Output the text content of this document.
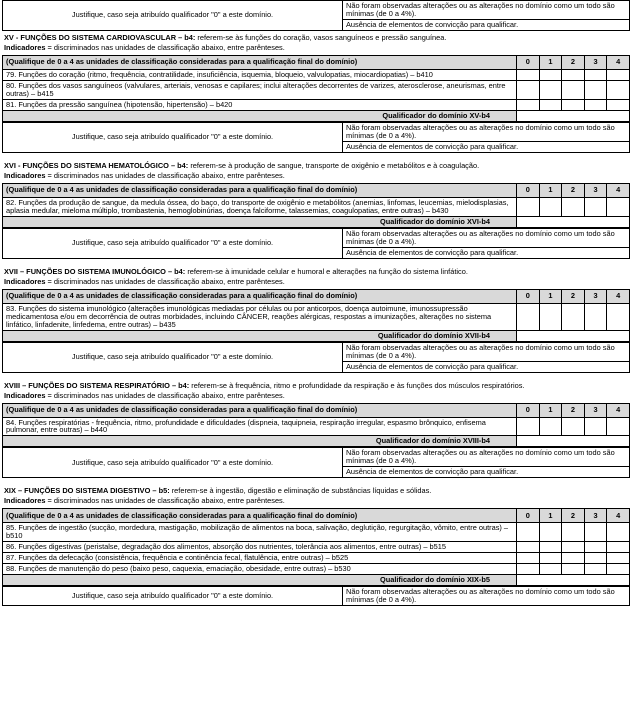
Justifique, caso seja atribuído qualificador "0" a este domínio.	Não foram observadas alterações ou as alterações no domínio como um todo são mínimas (de 0 a 4%).
Ausência de elementos de convicção para qualificar.
XV - FUNÇÕES DO SISTEMA CARDIOVASCULAR – b4: referem-se às funções do coração, vasos sanguíneos e pressão sanguínea.
Indicadores = discriminados nas unidades de classificação abaixo, entre parênteses.
(Qualifique de 0 a 4 as unidades de classificação consideradas para a qualificação final do domínio)	0	1	2	3	4
79. Funções do coração (ritmo, frequência, contratilidade, insuficiência, isquemia, bloqueio, valvulopatias, miocardiopatias) – b410					
80. Funções dos vasos sanguíneos (valvulares, arteriais, venosas e capilares; inclui alterações decorrentes de varizes, aterosclerose, aneurismas, entre outras) – b415					
81. Funções da pressão sanguínea (hipotensão, hipertensão) – b420					
Qualificador do domínio XV-b4					
Justifique, caso seja atribuído qualificador "0" a este domínio.	Não foram observadas alterações ou as alterações no domínio como um todo são mínimas (de 0 a 4%).
Ausência de elementos de convicção para qualificar.
XVI - FUNÇÕES DO SISTEMA HEMATOLÓGICO – b4: referem-se à produção de sangue, transporte de oxigênio e metabólitos e à coagulação.
Indicadores = discriminados nas unidades de classificação abaixo, entre parênteses.
(Qualifique de 0 a 4 as unidades de classificação consideradas para a qualificação final do domínio)	0	1	2	3	4
82. Funções da produção de sangue, da medula óssea, do baço, do transporte de oxigênio e metabólitos (anemias, linfomas, leucemias, mielodisplasias, aplasia medular, mieloma múltiplo, trombastenia, hemoglobinúrias, doença falciforme, talassemias, coagulopatias, entre outras) – b430					
Qualificador do domínio XVI-b4					
Justifique, caso seja atribuído qualificador "0" a este domínio.	Não foram observadas alterações ou as alterações no domínio como um todo são mínimas (de 0 a 4%).
Ausência de elementos de convicção para qualificar.
XVII – FUNÇÕES DO SISTEMA IMUNOLÓGICO – b4: referem-se à imunidade celular e humoral e alterações na função do sistema linfático.
Indicadores = discriminados nas unidades de classificação abaixo, entre parênteses.
(Qualifique de 0 a 4 as unidades de classificação consideradas para a qualificação final do domínio)	0	1	2	3	4
83. Funções do sistema imunológico (alterações imunológicas mediadas por células ou por anticorpos, doença autoimune, imunossupressão medicamentosa e/ou em decorrência de outras morbidades, incluindo CÂNCER, reações alérgicas, respostas a imunizações, alterações no sistema linfático, linfadenite, linfedema, entre outras) – b435					
Qualificador do domínio XVII-b4					
Justifique, caso seja atribuído qualificador "0" a este domínio.	Não foram observadas alterações ou as alterações no domínio como um todo são mínimas (de 0 a 4%).
Ausência de elementos de convicção para qualificar.
XVIII – FUNÇÕES DO SISTEMA RESPIRATÓRIO – b4: referem-se à frequência, ritmo e profundidade da respiração e às funções dos músculos respiratórios.
Indicadores = discriminados nas unidades de classificação abaixo, entre parênteses.
(Qualifique de 0 a 4 as unidades de classificação consideradas para a qualificação final do domínio)	0	1	2	3	4
84. Funções respiratórias - frequência, ritmo, profundidade e dificuldades (dispneia, taquipneia, respiração irregular, espasmo brônquico, enfisema pulmonar, entre outras) – b440					
Qualificador do domínio XVIII-b4					
Justifique, caso seja atribuído qualificador "0" a este domínio.	Não foram observadas alterações ou as alterações no domínio como um todo são mínimas (de 0 a 4%).
Ausência de elementos de convicção para qualificar.
XIX – FUNÇÕES DO SISTEMA DIGESTIVO – b5: referem-se à ingestão, digestão e eliminação de substâncias líquidas e sólidas.
Indicadores = discriminados nas unidades de classificação abaixo, entre parênteses.
(Qualifique de 0 a 4 as unidades de classificação consideradas para a qualificação final do domínio)	0	1	2	3	4
85. Funções de ingestão (sucção, mordedura, mastigação, mobilização de alimentos na boca, salivação, deglutição, regurgitação, vômito, entre outras) – b510					
86. Funções digestivas (peristalse, degradação dos alimentos, absorção dos nutrientes, tolerância aos alimentos, entre outras) – b515					
87. Funções da defecação (consistência, frequência e continência fecal, flatulência, entre outras) – b525					
88. Funções de manutenção do peso (baixo peso, caquexia, emaciação, obesidade, entre outras) – b530					
Qualificador do domínio XIX-b5					
Justifique, caso seja atribuído qualificador "0" a este domínio.	Não foram observadas alterações ou as alterações no domínio como um todo são mínimas (de 0 a 4%).
